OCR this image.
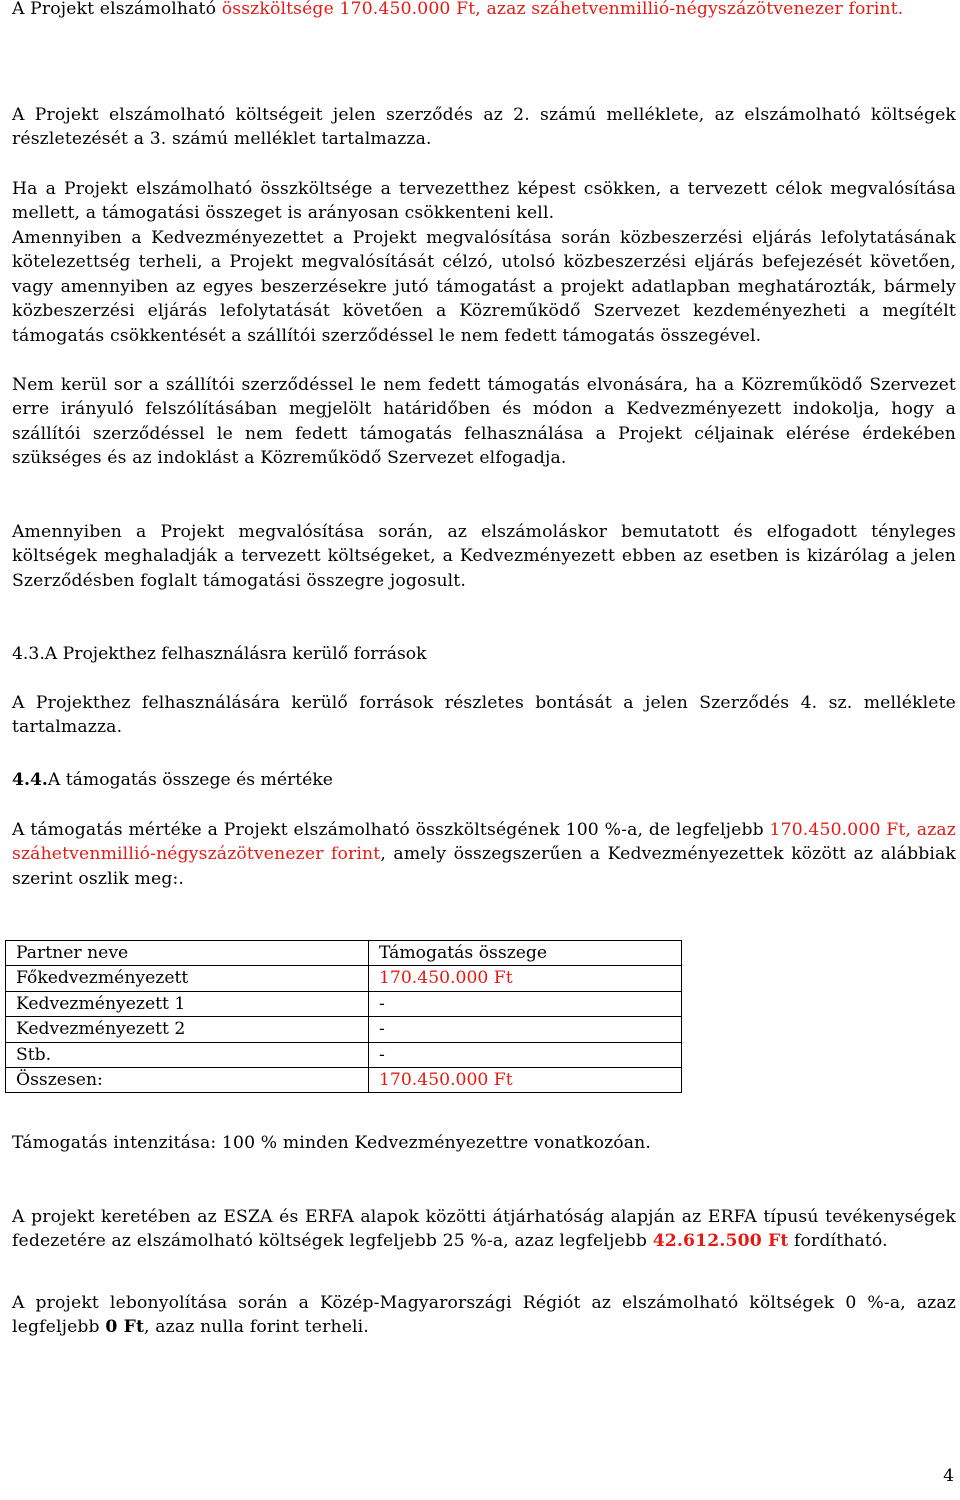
A Projekt elszámolható összköltsége 170.450.000 Ft, azaz száhetvenmillió-négyszázötvenezer forint.

A Projekt elszámolható költségeit jelen szerződés az 2. számú melléklete, az elszámolható költségek részletezését a 3. számú melléklet tartalmazza.

Ha a Projekt elszámolható összköltsége a tervezetthez képest csökken, a tervezett célok megvalósítása mellett, a támogatási összeget is arányosan csökkenteni kell.

Amennyiben a Kedvezményezettet a Projekt megvalósítása során közbeszerzési eljárás lefolytatásának kötelezettség terheli, a Projekt megvalósítását célzó, utolsó közbeszerzési eljárás befejezését követően, vagy amennyiben az egyes beszerzésekre jutó támogatást a projekt adatlapban meghatározták, bármely közbeszerzési eljárás lefolytatását követően a Közreműködő Szervezet kezdeményezheti a megítélt támogatás csökkentését a szállítói szerződéssel le nem fedett támogatás összegével.

Nem kerül sor a szállítói szerződéssel le nem fedett támogatás elvonására, ha a Közreműködő Szervezet erre irányuló felszólításában megjelölt határidőben és módon a Kedvezményezett indokolja, hogy a szállítói szerződéssel le nem fedett támogatás felhasználása a Projekt céljainak elérése érdekében szükséges és az indoklást a Közreműködő Szervezet elfogadja.

Amennyiben a Projekt megvalósítása során, az elszámoláskor bemutatott és elfogadott tényleges költségek meghaladják a tervezett költségeket, a Kedvezményezett ebben az esetben is kizárólag a jelen Szerződésben foglalt támogatási összegre jogosult.

4.3.A Projekthez felhasználásra kerülő források

A Projekthez felhasználására kerülő források részletes bontását a jelen Szerződés 4. sz. melléklete tartalmazza.

4.4.A támogatás összege és mértéke

A támogatás mértéke a Projekt elszámolható összköltségének 100 %-a, de legfeljebb 170.450.000 Ft, azaz száhetvenmillió-négyszázötvenezer forint, amely összegszerűen a Kedvezményezettek között az alábbiak szerint oszlik meg:.

Partner neve	Támogatás összege
Főkedvezményezett	170.450.000 Ft
Kedvezményezett 1	-
Kedvezményezett 2	-
Stb.	-
Összesen:	170.450.000 Ft

Támogatás intenzitása: 100 % minden Kedvezményezettre vonatkozóan.

A projekt keretében az ESZA és ERFA alapok közötti átjárhatóság alapján az ERFA típusú tevékenységek fedezetére az elszámolható költségek legfeljebb 25 %-a, azaz legfeljebb 42.612.500 Ft fordítható.

A projekt lebonyolítása során a Közép-Magyarországi Régiót az elszámolható költségek 0 %-a, azaz legfeljebb 0 Ft, azaz nulla forint terheli.

4
